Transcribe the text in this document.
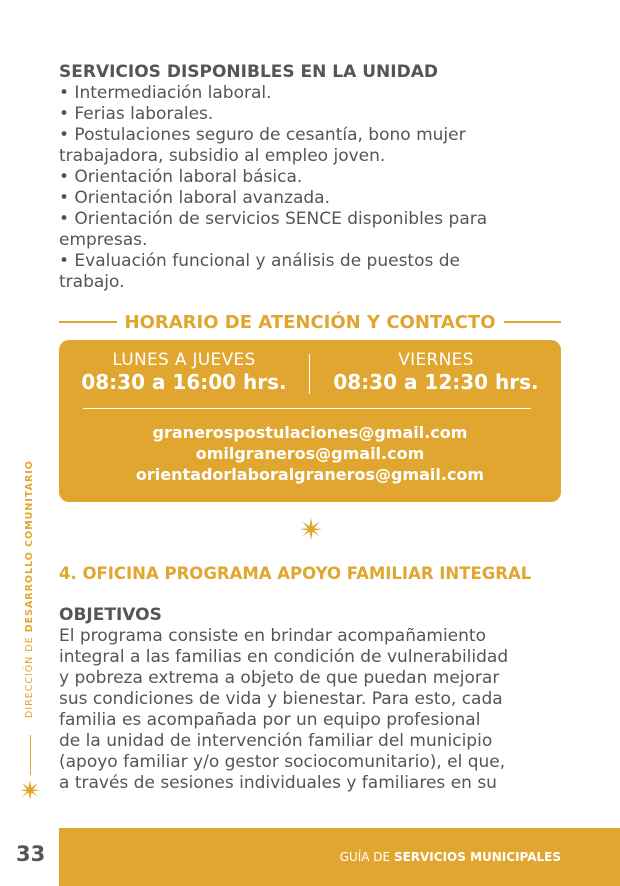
SERVICIOS DISPONIBLES EN LA UNIDAD
• Intermediación laboral.
• Ferias laborales.
• Postulaciones seguro de cesantía, bono mujer
trabajadora, subsidio al empleo joven.
• Orientación laboral básica.
• Orientación laboral avanzada.
• Orientación de servicios SENCE disponibles para
empresas.
• Evaluación funcional y análisis de puestos de
trabajo.
HORARIO DE ATENCIÓN Y CONTACTO
LUNES A JUEVES
08:30 a 16:00 hrs.
VIERNES
08:30 a 12:30 hrs.
granerospostulaciones@gmail.com
omilgraneros@gmail.com
orientadorlaboralgraneros@gmail.com
4. OFICINA PROGRAMA APOYO FAMILIAR INTEGRAL
OBJETIVOS
El programa consiste en brindar acompañamiento
integral a las familias en condición de vulnerabilidad
y pobreza extrema a objeto de que puedan mejorar
sus condiciones de vida y bienestar. Para esto, cada
familia es acompañada por un equipo profesional
de la unidad de intervención familiar del municipio
(apoyo familiar y/o gestor sociocomunitario), el que,
a través de sesiones individuales y familiares en su
DIRECCIÓN DE DESARROLLO COMUNITARIO
33	GUÍA DE SERVICIOS MUNICIPALES
